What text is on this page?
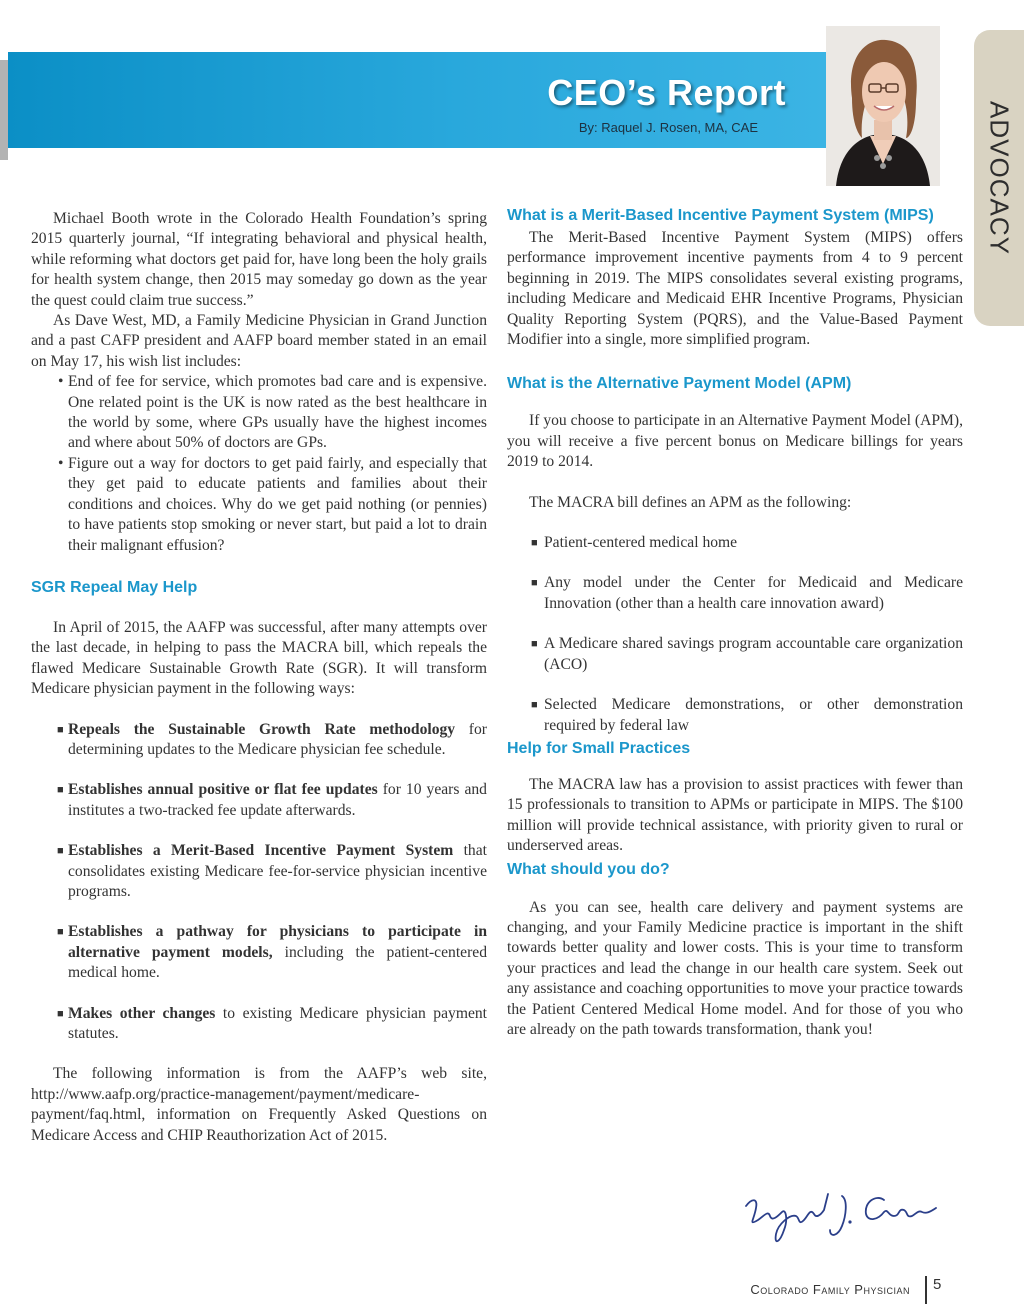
CEO’s Report
By: Raquel J. Rosen, MA, CAE	ADVOCACY

Michael Booth wrote in the Colorado Health Foundation’s spring 2015 quarterly journal, “If integrating behavioral and physical health, while reforming what doctors get paid for, have long been the holy grails for health system change, then 2015 may someday go down as the year the quest could claim true success.”

As Dave West, MD, a Family Medicine Physician in Grand Junction and a past CAFP president and AAFP board member stated in an email on May 17, his wish list includes:

• End of fee for service, which promotes bad care and is expensive. One related point is the UK is now rated as the best healthcare in the world by some, where GPs usually have the highest incomes and where about 50% of doctors are GPs.
• Figure out a way for doctors to get paid fairly, and especially that they get paid to educate patients and families about their conditions and choices. Why do we get paid nothing (or pennies) to have patients stop smoking or never start, but paid a lot to drain their malignant effusion?
SGR Repeal May Help

In April of 2015, the AAFP was successful, after many attempts over the last decade, in helping to pass the MACRA bill, which repeals the flawed Medicare Sustainable Growth Rate (SGR). It will transform Medicare physician payment in the following ways:

■ Repeals the Sustainable Growth Rate methodology for determining updates to the Medicare physician fee schedule.
■ Establishes annual positive or flat fee updates for 10 years and institutes a two-tracked fee update afterwards.
■ Establishes a Merit-Based Incentive Payment System that consolidates existing Medicare fee-for-service physician incentive programs.
■ Establishes a pathway for physicians to participate in alternative payment models, including the patient-centered medical home.
■ Makes other changes to existing Medicare physician payment statutes.

The following information is from the AAFP’s web site, http://www.aafp.org/practice-management/payment/medicare-payment/faq.html, information on Frequently Asked Questions on Medicare Access and CHIP Reauthorization Act of 2015.

What is a Merit-Based Incentive Payment System (MIPS)

The Merit-Based Incentive Payment System (MIPS) offers performance improvement incentive payments from 4 to 9 percent beginning in 2019. The MIPS consolidates several existing programs, including Medicare and Medicaid EHR Incentive Programs, Physician Quality Reporting System (PQRS), and the Value-Based Payment Modifier into a single, more simplified program.

What is the Alternative Payment Model (APM)

If you choose to participate in an Alternative Payment Model (APM), you will receive a five percent bonus on Medicare billings for years 2019 to 2014.

The MACRA bill defines an APM as the following:

■ Patient-centered medical home
■ Any model under the Center for Medicaid and Medicare Innovation (other than a health care innovation award)
■ A Medicare shared savings program accountable care organization (ACO)
■ Selected Medicare demonstrations, or other demonstration required by federal law
Help for Small Practices

The MACRA law has a provision to assist practices with fewer than 15 professionals to transition to APMs or participate in MIPS. The $100 million will provide technical assistance, with priority given to rural or underserved areas.

What should you do?

As you can see, health care delivery and payment systems are changing, and your Family Medicine practice is important in the shift towards better quality and lower costs. This is your time to transform your practices and lead the change in our health care system. Seek out any assistance and coaching opportunities to move your practice towards the Patient Centered Medical Home model. And for those of you who are already on the path towards transformation, thank you!

Colorado Family Physician 5
